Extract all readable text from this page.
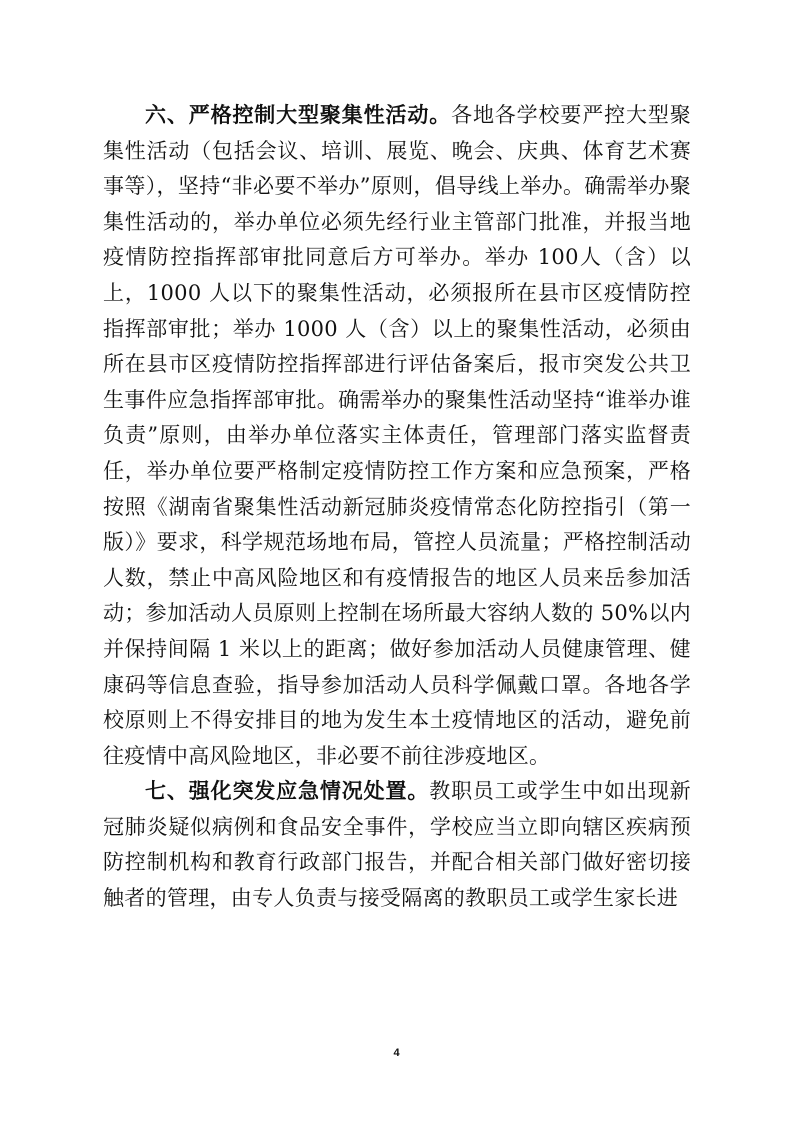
六、严格控制大型聚集性活动。各地各学校要严控大型聚集性活动（包括会议、培训、展览、晚会、庆典、体育艺术赛事等），坚持“非必要不举办”原则，倡导线上举办。确需举办聚集性活动的，举办单位必须先经行业主管部门批准，并报当地疫情防控指挥部审批同意后方可举办。举办 100人（含）以上，1000 人以下的聚集性活动，必须报所在县市区疫情防控指挥部审批；举办 1000 人（含）以上的聚集性活动，必须由所在县市区疫情防控指挥部进行评估备案后，报市突发公共卫生事件应急指挥部审批。确需举办的聚集性活动坚持“谁举办谁负责”原则，由举办单位落实主体责任，管理部门落实监督责任，举办单位要严格制定疫情防控工作方案和应急预案，严格按照《湖南省聚集性活动新冠肺炎疫情常态化防控指引（第一版）》要求，科学规范场地布局，管控人员流量；严格控制活动人数，禁止中高风险地区和有疫情报告的地区人员来岳参加活动；参加活动人员原则上控制在场所最大容纳人数的 50%以内并保持间隔 1 米以上的距离；做好参加活动人员健康管理、健康码等信息查验，指导参加活动人员科学佩戴口罩。各地各学校原则上不得安排目的地为发生本土疫情地区的活动，避免前往疫情中高风险地区，非必要不前往涉疫地区。

七、强化突发应急情况处置。教职员工或学生中如出现新冠肺炎疑似病例和食品安全事件，学校应当立即向辖区疾病预防控制机构和教育行政部门报告，并配合相关部门做好密切接触者的管理，由专人负责与接受隔离的教职员工或学生家长进

4
